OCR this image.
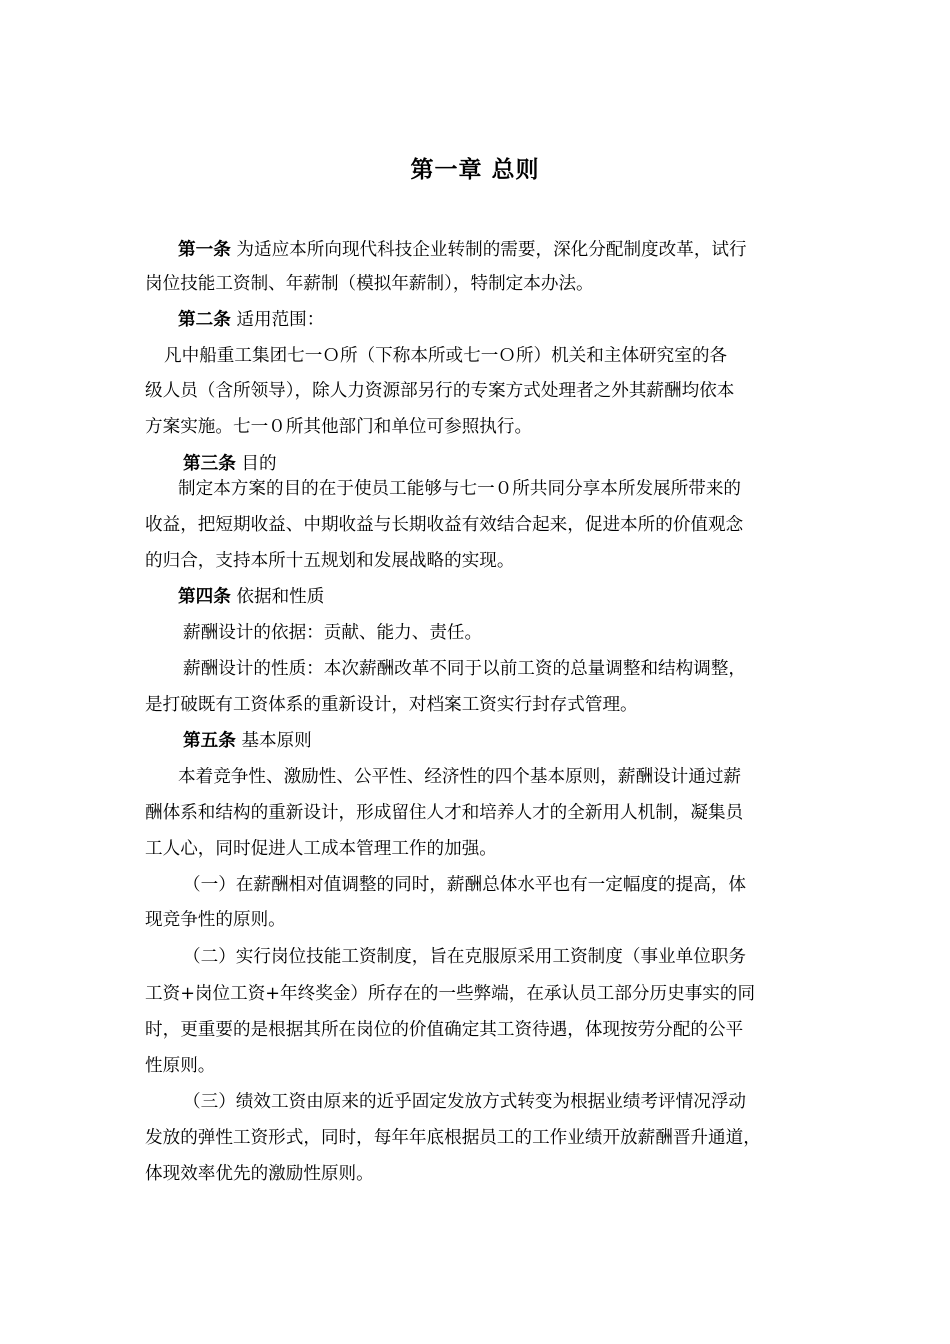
第一章 总则
第一条 为适应本所向现代科技企业转制的需要，深化分配制度改革，试行
岗位技能工资制、年薪制（模拟年薪制），特制定本办法。
第二条 适用范围：
凡中船重工集团七一Ｏ所（下称本所或七一Ｏ所）机关和主体研究室的各
级人员（含所领导），除人力资源部另行的专案方式处理者之外其薪酬均依本
方案实施。七一０所其他部门和单位可参照执行。
第三条 目的
制定本方案的目的在于使员工能够与七一０所共同分享本所发展所带来的
收益，把短期收益、中期收益与长期收益有效结合起来，促进本所的价值观念
的归合，支持本所十五规划和发展战略的实现。
第四条 依据和性质
薪酬设计的依据：贡献、能力、责任。
薪酬设计的性质：本次薪酬改革不同于以前工资的总量调整和结构调整，
是打破既有工资体系的重新设计，对档案工资实行封存式管理。
第五条 基本原则
本着竞争性、激励性、公平性、经济性的四个基本原则，薪酬设计通过薪
酬体系和结构的重新设计，形成留住人才和培养人才的全新用人机制，凝集员
工人心，同时促进人工成本管理工作的加强。
（一）在薪酬相对值调整的同时，薪酬总体水平也有一定幅度的提高，体
现竞争性的原则。
（二）实行岗位技能工资制度，旨在克服原采用工资制度（事业单位职务
工资+岗位工资+年终奖金）所存在的一些弊端，在承认员工部分历史事实的同
时，更重要的是根据其所在岗位的价值确定其工资待遇，体现按劳分配的公平
性原则。
（三）绩效工资由原来的近乎固定发放方式转变为根据业绩考评情况浮动
发放的弹性工资形式，同时，每年年底根据员工的工作业绩开放薪酬晋升通道，
体现效率优先的激励性原则。
